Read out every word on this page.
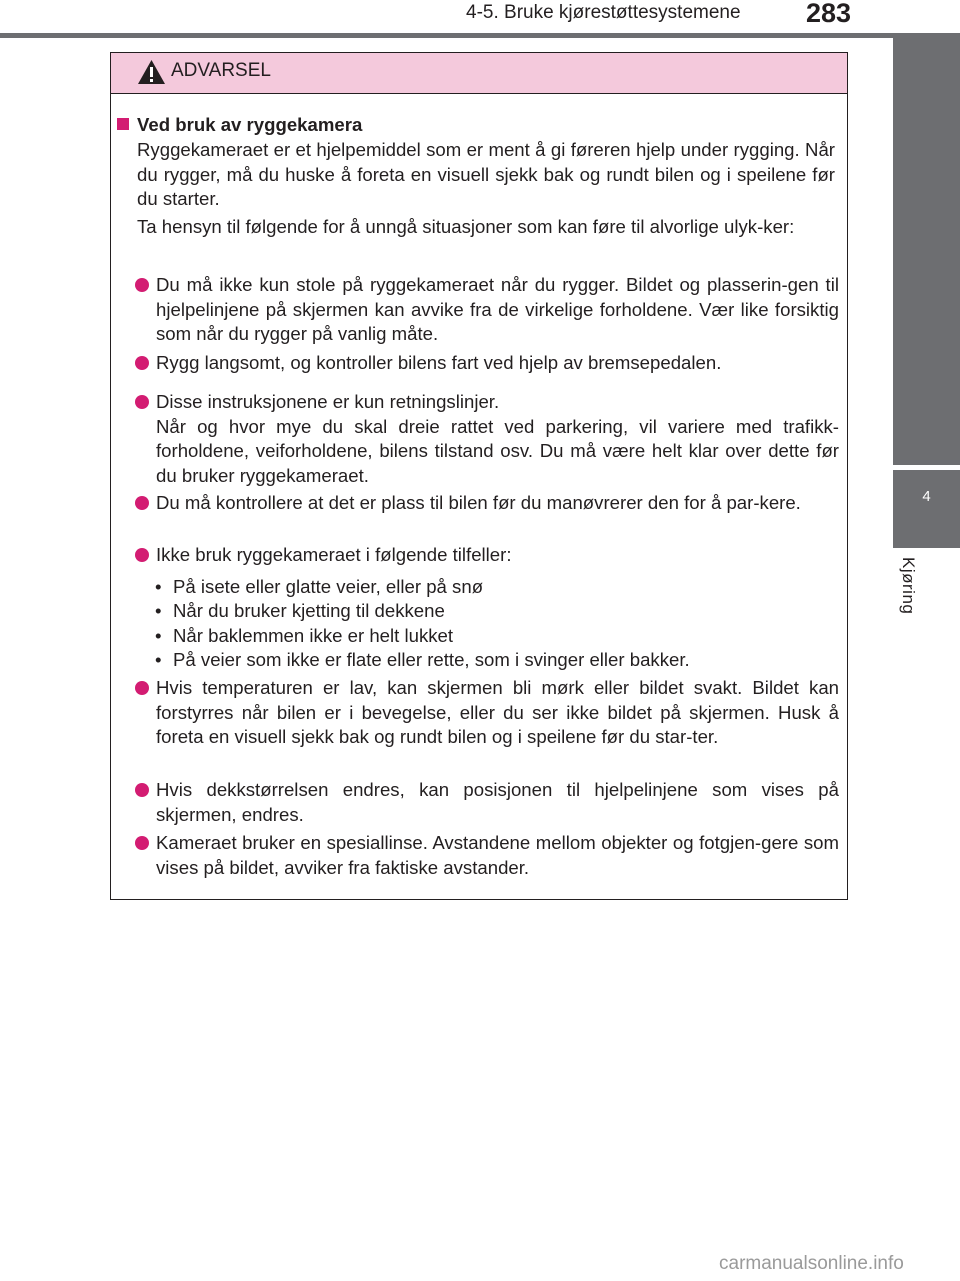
4-5. Bruke kjørestøttesystemene 283
4
Kjøring
ADVARSEL
Ved bruk av ryggekamera
Ryggekameraet er et hjelpemiddel som er ment å gi føreren hjelp under rygging. Når du rygger, må du huske å foreta en visuell sjekk bak og rundt bilen og i speilene før du starter.
Ta hensyn til følgende for å unngå situasjoner som kan føre til alvorlige ulyk-ker:
Du må ikke kun stole på ryggekameraet når du rygger. Bildet og plasserin-gen til hjelpelinjene på skjermen kan avvike fra de virkelige forholdene. Vær like forsiktig som når du rygger på vanlig måte.
Rygg langsomt, og kontroller bilens fart ved hjelp av bremsepedalen.
Disse instruksjonene er kun retningslinjer.
Når og hvor mye du skal dreie rattet ved parkering, vil variere med trafikk-forholdene, veiforholdene, bilens tilstand osv. Du må være helt klar over dette før du bruker ryggekameraet.
Du må kontrollere at det er plass til bilen før du manøvrerer den for å par-kere.
Ikke bruk ryggekameraet i følgende tilfeller:
• På isete eller glatte veier, eller på snø
• Når du bruker kjetting til dekkene
• Når baklemmen ikke er helt lukket
• På veier som ikke er flate eller rette, som i svinger eller bakker.
Hvis temperaturen er lav, kan skjermen bli mørk eller bildet svakt. Bildet kan forstyrres når bilen er i bevegelse, eller du ser ikke bildet på skjermen. Husk å foreta en visuell sjekk bak og rundt bilen og i speilene før du star-ter.
Hvis dekkstørrelsen endres, kan posisjonen til hjelpelinjene som vises på skjermen, endres.
Kameraet bruker en spesiallinse. Avstandene mellom objekter og fotgjen-gere som vises på bildet, avviker fra faktiske avstander.
carmanualsonline.info
